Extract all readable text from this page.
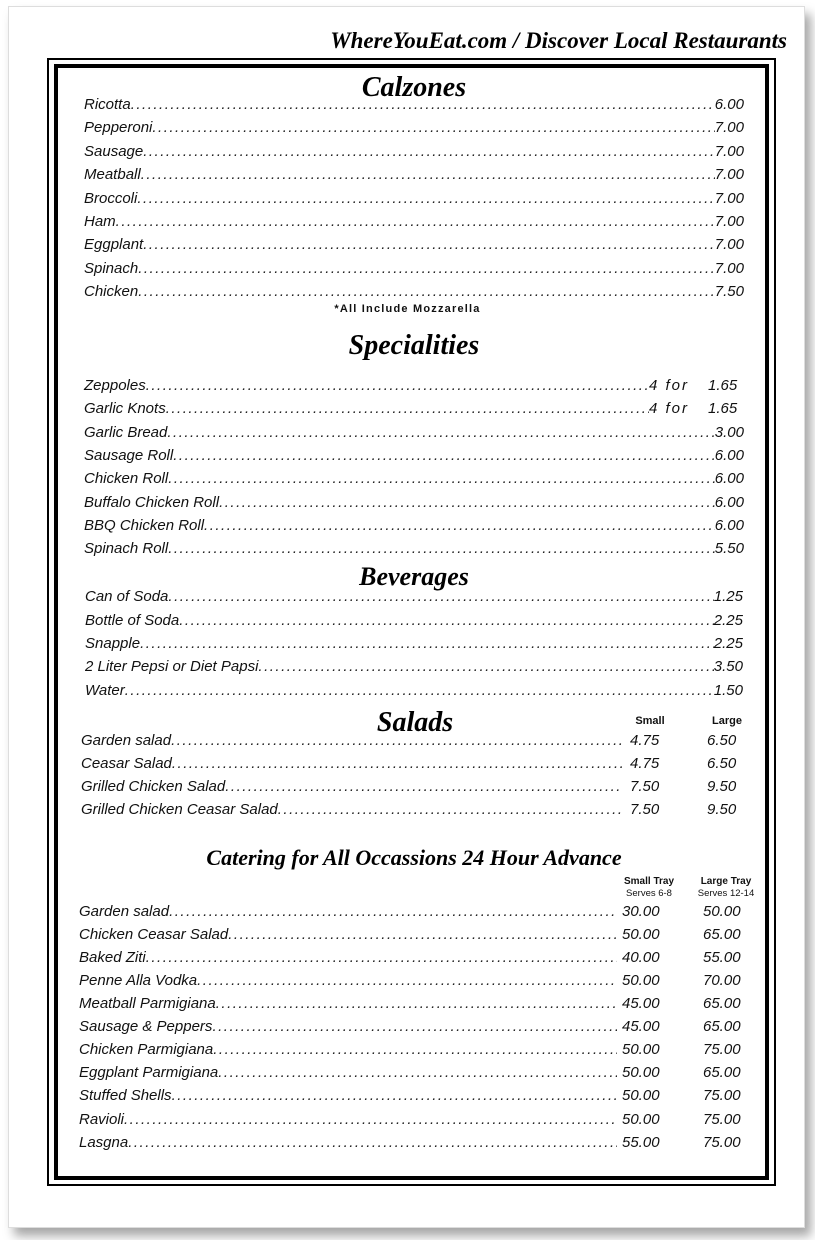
WhereYouEat.com / Discover Local Restaurants
Calzones
Ricotta .....	6.00
Pepperoni .....	7.00
Sausage .....	7.00
Meatball .....	7.00
Broccoli .....	7.00
Ham .....	7.00
Eggplant .....	7.00
Spinach .....	7.00
Chicken .....	7.50
*All Include Mozzarella
Specialities
Zeppoles .....	4 for 1.65
Garlic Knots .....	4 for 1.65
Garlic Bread .....	3.00
Sausage Roll .....	6.00
Chicken Roll .....	6.00
Buffalo Chicken Roll .....	6.00
BBQ Chicken Roll .....	6.00
Spinach Roll .....	5.50
Beverages
Can of Soda .....	1.25
Bottle of Soda .....	2.25
Snapple .....	2.25
2 Liter Pepsi or Diet Papsi .....	3.50
Water .....	1.50
Salads	Small	Large
Garden salad .....	4.75	6.50
Ceasar Salad .....	4.75	6.50
Grilled Chicken Salad .....	7.50	9.50
Grilled Chicken Ceasar Salad .....	7.50	9.50
Catering for All Occassions 24 Hour Advance
Small Tray
Serves 6-8
Large Tray
Serves 12-14
Garden salad .....	30.00	50.00
Chicken Ceasar Salad .....	50.00	65.00
Baked Ziti .....	40.00	55.00
Penne Alla Vodka .....	50.00	70.00
Meatball Parmigiana .....	45.00	65.00
Sausage & Peppers .....	45.00	65.00
Chicken Parmigiana .....	50.00	75.00
Eggplant Parmigiana .....	50.00	65.00
Stuffed Shells .....	50.00	75.00
Ravioli .....	50.00	75.00
Lasgna .....	55.00	75.00
